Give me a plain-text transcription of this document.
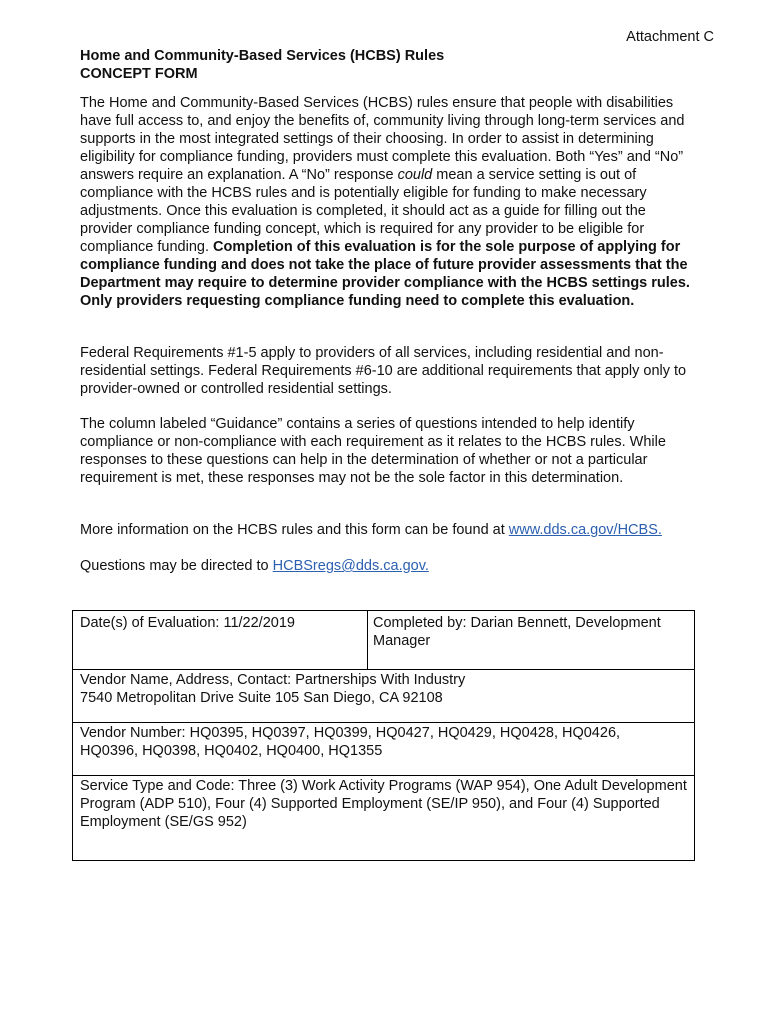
Attachment C
Home and Community-Based Services (HCBS) Rules
CONCEPT FORM
The Home and Community-Based Services (HCBS) rules ensure that people with disabilities have full access to, and enjoy the benefits of, community living through long-term services and supports in the most integrated settings of their choosing. In order to assist in determining eligibility for compliance funding, providers must complete this evaluation. Both “Yes” and “No” answers require an explanation. A “No” response could mean a service setting is out of compliance with the HCBS rules and is potentially eligible for funding to make necessary adjustments. Once this evaluation is completed, it should act as a guide for filling out the provider compliance funding concept, which is required for any provider to be eligible for compliance funding. Completion of this evaluation is for the sole purpose of applying for compliance funding and does not take the place of future provider assessments that the Department may require to determine provider compliance with the HCBS settings rules. Only providers requesting compliance funding need to complete this evaluation.
Federal Requirements #1-5 apply to providers of all services, including residential and non-residential settings. Federal Requirements #6-10 are additional requirements that apply only to provider-owned or controlled residential settings.
The column labeled “Guidance” contains a series of questions intended to help identify compliance or non-compliance with each requirement as it relates to the HCBS rules. While responses to these questions can help in the determination of whether or not a particular requirement is met, these responses may not be the sole factor in this determination.
More information on the HCBS rules and this form can be found at www.dds.ca.gov/HCBS.
Questions may be directed to HCBSregs@dds.ca.gov.
Date(s) of Evaluation: 11/22/2019	Completed by: Darian Bennett, Development Manager
Vendor Name, Address, Contact: Partnerships With Industry
7540 Metropolitan Drive Suite 105 San Diego, CA 92108
Vendor Number: HQ0395, HQ0397, HQ0399, HQ0427, HQ0429, HQ0428, HQ0426, HQ0396, HQ0398, HQ0402, HQ0400, HQ1355
Service Type and Code: Three (3) Work Activity Programs (WAP 954), One Adult Development Program (ADP 510), Four (4) Supported Employment (SE/IP 950), and Four (4) Supported Employment (SE/GS 952)
